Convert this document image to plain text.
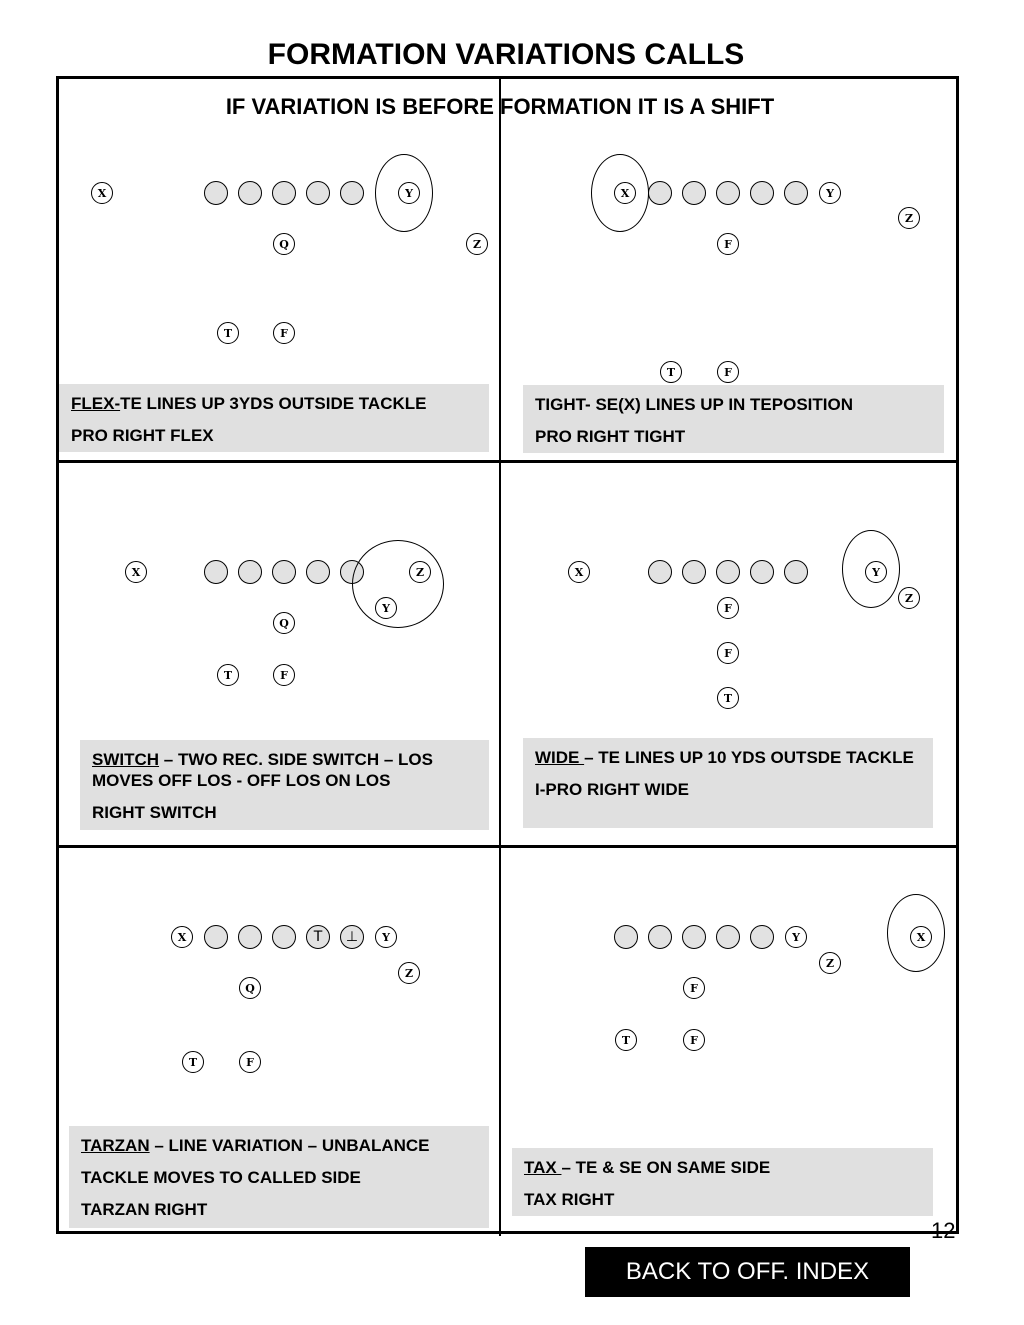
FORMATION VARIATIONS CALLS
IF VARIATION IS BEFORE FORMATION IT IS A SHIFT
X	Y
Q	Z
T	F
FLEX-TE LINES UP 3YDS OUTSIDE TACKLE
PRO RIGHT FLEX
X	Y
Z
F
T	F
TIGHT- SE(X) LINES UP IN TEPOSITION
PRO RIGHT TIGHT
X	Z
Y
Q
T	F
SWITCH – TWO REC. SIDE SWITCH – LOS MOVES OFF LOS - OFF LOS ON LOS
RIGHT SWITCH
X	Y
Z
F
F
T
WIDE – TE LINES UP 10 YDS OUTSDE TACKLE
I-PRO RIGHT WIDE
X	T	⊥	Y
Z
Q
T	F
TARZAN – LINE VARIATION – UNBALANCE
TACKLE MOVES TO CALLED SIDE
TARZAN RIGHT
Y	X
Z
F
T	F
TAX – TE & SE ON SAME SIDE
TAX RIGHT
12
BACK TO OFF. INDEX
